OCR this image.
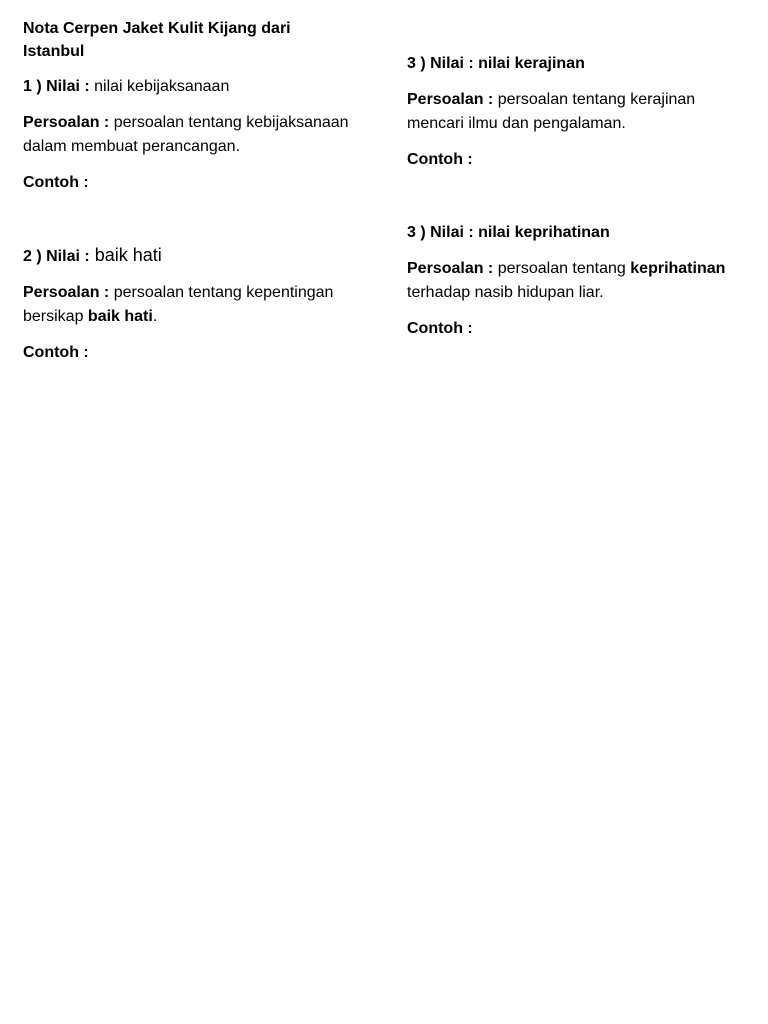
Nota Cerpen Jaket Kulit Kijang dari
Istanbul
1 ) Nilai : nilai kebijaksanaan
Persoalan : persoalan tentang kebijaksanaan dalam membuat perancangan.
Contoh :
2 ) Nilai : baik hati
Persoalan : persoalan tentang kepentingan bersikap baik hati.
Contoh :
3 ) Nilai : nilai kerajinan
Persoalan : persoalan tentang kerajinan mencari ilmu dan pengalaman.
Contoh :
3 ) Nilai : nilai keprihatinan
Persoalan : persoalan tentang keprihatinan terhadap nasib hidupan liar.
Contoh :
